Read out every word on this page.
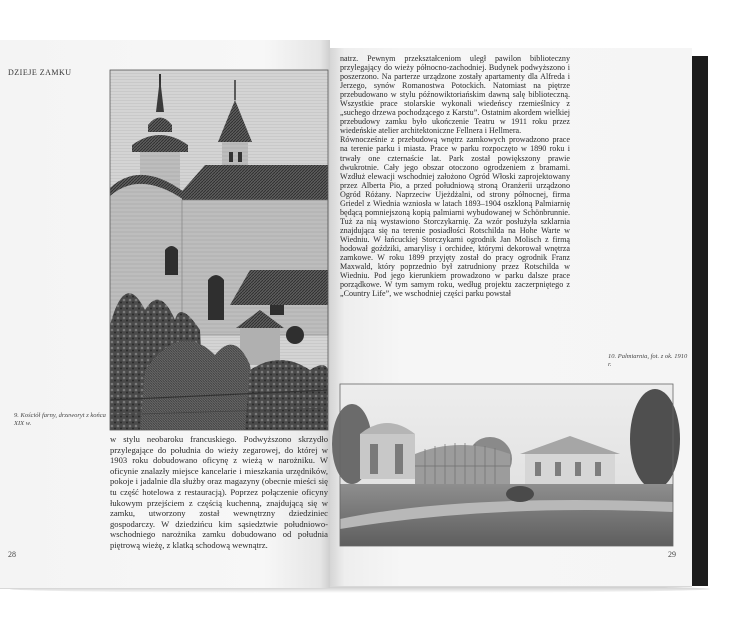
DZIEJE ZAMKU
9. Kościół farny, drzeworyt z końca XIX w.

w stylu neobaroku francuskiego. Podwyższono skrzydło przylegające do południa do wieży zegarowej, do której w 1903 roku dobudowano oficynę z wieżą w narożniku. W oficynie znalazły miejsce kancelarie i mieszkania urzędników, pokoje i jadalnie dla służby oraz magazyny (obecnie mieści się tu część hotelowa z restauracją). Poprzez połączenie oficyny łukowym przejściem z częścią kuchenną, znajdującą się w zamku, utworzony został wewnętrzny dziedziniec gospodarczy. W dziedzińcu kim sąsiedztwie południowo-wschodniego narożnika zamku dobudowano od południa piętrową wieżę, z klatką schodową wewnątrz.

28

natrz. Pewnym przekształceniom uległ pawilon biblioteczny przylegający do wieży północno-zachodniej. Budynek podwyższono i poszerzono. Na parterze urządzone zostały apartamenty dla Alfreda i Jerzego, synów Romanostwa Potockich. Natomiast na piętrze przebudowano w stylu późnowiktoriańskim dawną salę biblioteczną. Wszystkie prace stolarskie wykonali wiedeńscy rzemieślnicy z „suchego drzewa pochodzącego z Karstu”. Ostatnim akordem wielkiej przebudowy zamku było ukończenie Teatru w 1911 roku przez wiedeńskie atelier architektoniczne Fellnera i Hellmera.

Równocześnie z przebudową wnętrz zamkowych prowadzono prace na terenie parku i miasta. Prace w parku rozpoczęto w 1890 roku i trwały one czternaście lat. Park został powiększony prawie dwukrotnie. Cały jego obszar otoczono ogrodzeniem z bramami. Wzdłuż elewacji wschodniej założono Ogród Włoski zaprojektowany przez Alberta Pio, a przed południową stroną Oranżerii urządzono Ogród Różany. Naprzeciw Ujeżdżalni, od strony północnej, firma Griedel z Wiednia wzniosła w latach 1893–1904 oszkloną Palmiarnię będącą pomniejszoną kopią palmiarni wybudowanej w Schönbrunnie. Tuż za nią wystawiono Storczykarnię. Za wzór posłużyła szklarnia znajdująca się na terenie posiadłości Rotschilda na Hohe Warte w Wiedniu. W łańcuckiej Storczykarni ogrodnik Jan Molisch z firmą hodował goździki, amarylisy i orchidee, którymi dekorował wnętrza zamkowe. W roku 1899 przyjęty został do pracy ogrodnik Franz Maxwald, który poprzednio był zatrudniony przez Rotschilda w Wiedniu. Pod jego kierunkiem prowadzono w parku dalsze prace porządkowe. W tym samym roku, według projektu zaczerpniętego z „Country Life”, we wschodniej części parku powstał

10. Palmiarnia, fot. z ok. 1910 r.
29
